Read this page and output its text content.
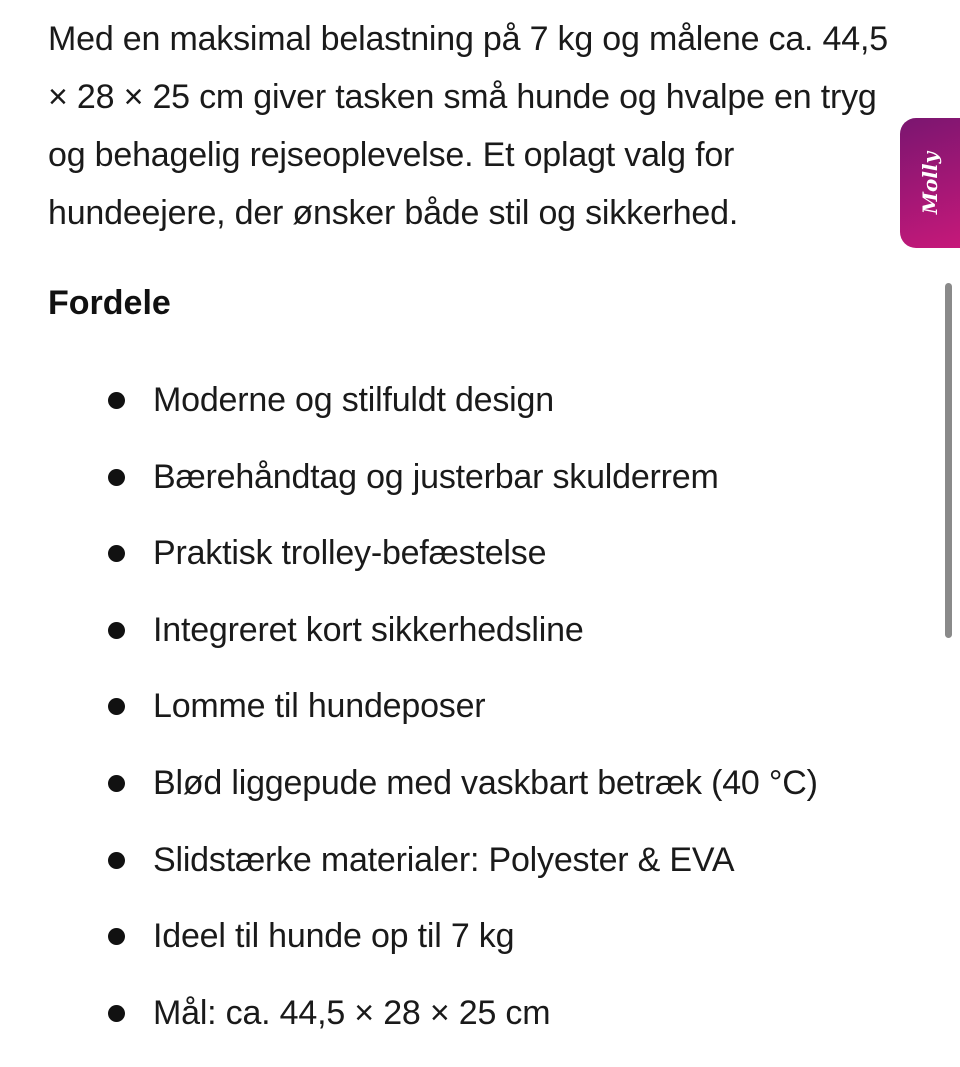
Med en maksimal belastning på 7 kg og målene ca. 44,5 × 28 × 25 cm giver tasken små hunde og hvalpe en tryg og behagelig rejseoplevelse. Et oplagt valg for hundeejere, der ønsker både stil og sikkerhed.

Fordele
Moderne og stilfuldt design
Bærehåndtag og justerbar skulderrem
Praktisk trolley-befæstelse
Integreret kort sikkerhedsline
Lomme til hundeposer
Blød liggepude med vaskbart betræk (40 °C)
Slidstærke materialer: Polyester & EVA
Ideel til hunde op til 7 kg
Mål: ca. 44,5 × 28 × 25 cm
Molly
